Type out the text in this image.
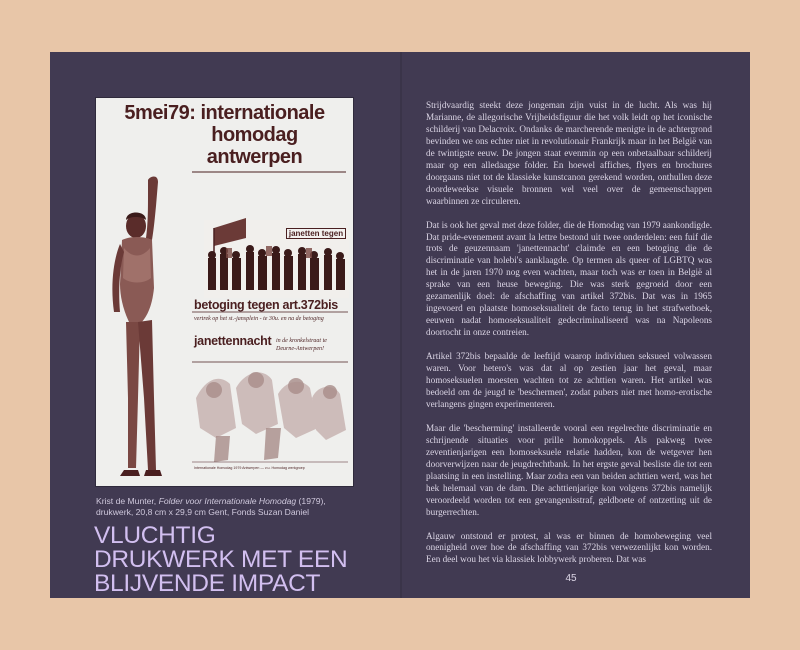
5mei79: internationale
homodag
antwerpen
janetten tegen
betoging tegen art.372bis
vertrek op het st.-jansplein - te 30u. en na de betoging
janettennacht in de kronkelstraat te Deurne-Antwerpen!
Internationale Homodag 1979 Antwerpen — v.u. Homodag werkgroep
Krist de Munter, Folder voor Internationale Homodag (1979),
drukwerk, 20,8 cm x 29,9 cm Gent, Fonds Suzan Daniel
VLUCHTIG
DRUKWERK MET EEN
BLIJVENDE IMPACT

Strijdvaardig steekt deze jongeman zijn vuist in de lucht. Als was hij Marianne, de allegorische Vrijheidsfiguur die het volk leidt op het iconische schilderij van Delacroix. Ondanks de marcherende menigte in de achtergrond bevinden we ons echter niet in revolutionair Frankrijk maar in het België van de twintigste eeuw. De jongen staat evenmin op een onbetaalbaar schilderij maar op een alledaagse folder. En hoewel affiches, flyers en brochures doorgaans niet tot de klassieke kunstcanon gerekend worden, onthullen deze doordeweekse visuele bronnen wel veel over de gemeenschappen waarbinnen ze circuleren.

Dat is ook het geval met deze folder, die de Homodag van 1979 aankondigde. Dat pride-evenement avant la lettre bestond uit twee onderdelen: een fuif die trots de geuzennaam 'janettennacht' claimde en een betoging die de discriminatie van holebi's aanklaagde. Op termen als queer of LGBTQ was het in de jaren 1970 nog even wachten, maar toch was er toen in België al sprake van een heuse beweging. Die was sterk gegroeid door een gezamenlijk doel: de afschaffing van artikel 372bis. Dat was in 1965 ingevoerd en plaatste homoseksualiteit de facto terug in het strafwetboek, eeuwen nadat homoseksualiteit gedecriminaliseerd was na Napoleons doortocht in onze contreien.

Artikel 372bis bepaalde de leeftijd waarop individuen seksueel volwassen waren. Voor hetero's was dat al op zestien jaar het geval, maar homoseksuelen moesten wachten tot ze achttien waren. Het artikel was bedoeld om de jeugd te 'beschermen', zodat pubers niet met homo-erotische verlangens gingen experimenteren.

Maar die 'bescherming' installeerde vooral een regelrechte discriminatie en schrijnende situaties voor prille homokoppels. Als pakweg twee zeventienjarigen een homoseksuele relatie hadden, kon de wetgever hen doorverwijzen naar de jeugdrechtbank. In het ergste geval besliste die tot een plaatsing in een instelling. Maar zodra een van beiden achttien werd, was het hek helemaal van de dam. Die achttienjarige kon volgens 372bis namelijk veroordeeld worden tot een gevangenisstraf, geldboete of ontzetting uit de burgerrechten.

Algauw ontstond er protest, al was er binnen de homobeweging veel onenigheid over hoe de afschaffing van 372bis verwezenlijkt kon worden. Een deel wou het via klassiek lobbywerk proberen. Dat was

45
